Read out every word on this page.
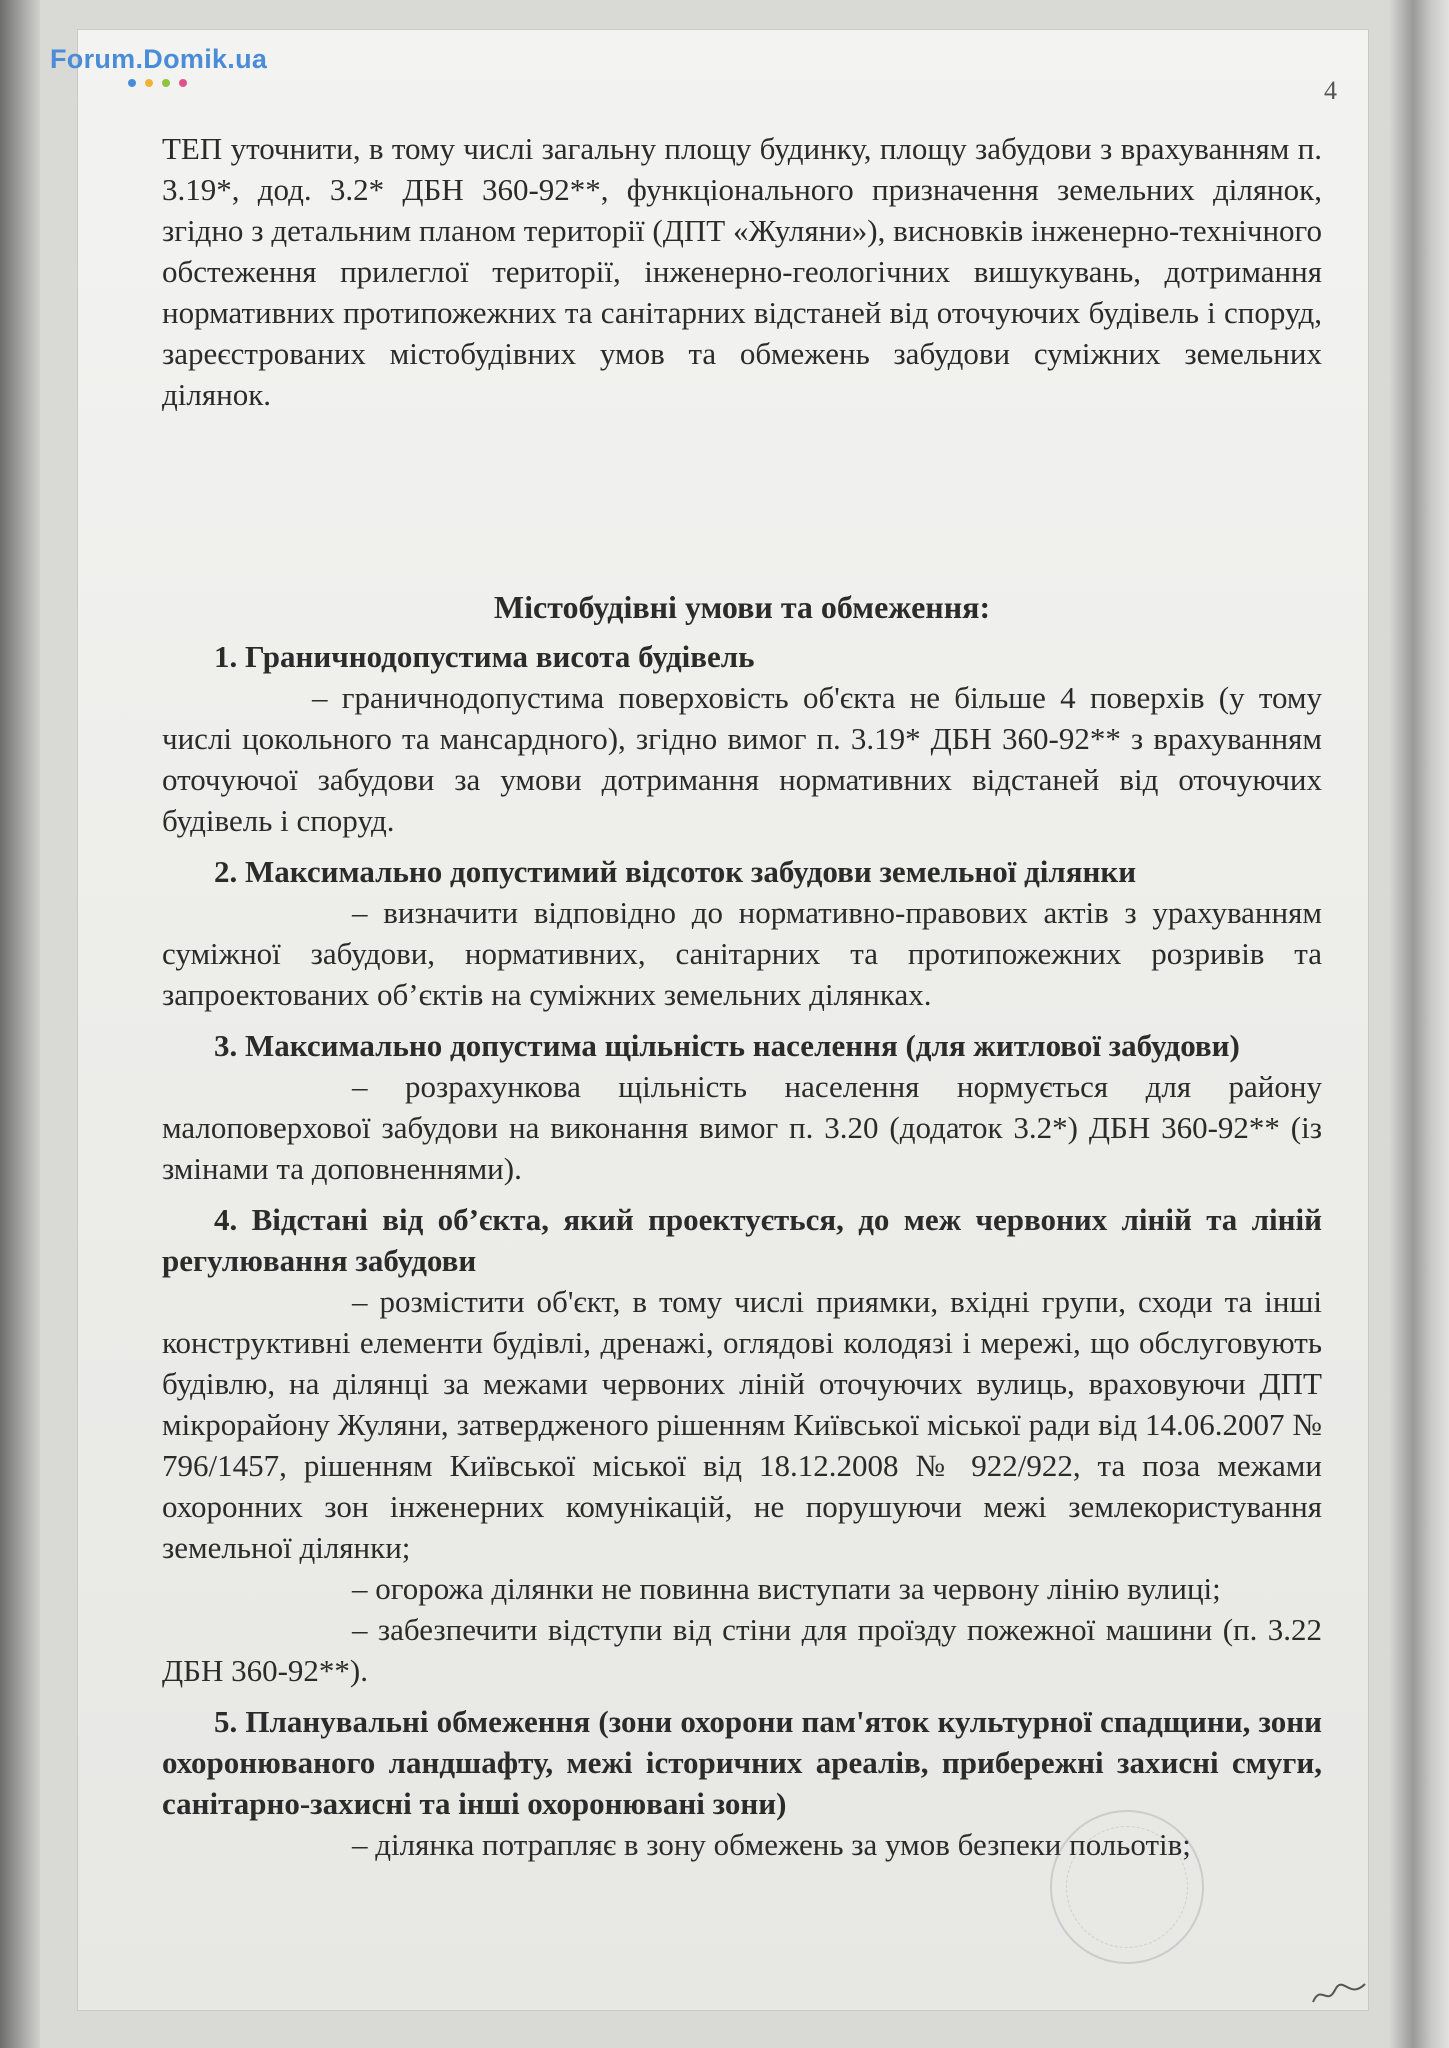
Forum.Domik.ua
4

ТЕП уточнити, в тому числі загальну площу будинку, площу забудови з врахуванням п. 3.19*, дод. 3.2* ДБН 360-92**, функціонального призначення земельних ділянок, згідно з детальним планом території (ДПТ «Жуляни»), висновків інженерно-технічного обстеження прилеглої території, інженерно-геологічних вишукувань, дотримання нормативних протипожежних та санітарних відстаней від оточуючих будівель і споруд, зареєстрованих містобудівних умов та обмежень забудови суміжних земельних ділянок.

Містобудівні умови та обмеження:

1. Граничнодопустима висота будівель

– граничнодопустима поверховість об'єкта не більше 4 поверхів (у тому числі цокольного та мансардного), згідно вимог п. 3.19* ДБН 360-92** з врахуванням оточуючої забудови за умови дотримання нормативних відстаней від оточуючих будівель і споруд.

2. Максимально допустимий відсоток забудови земельної ділянки

– визначити відповідно до нормативно-правових актів з урахуванням суміжної забудови, нормативних, санітарних та протипожежних розривів та запроектованих об’єктів на суміжних земельних ділянках.

3. Максимально допустима щільність населення (для житлової забудови)

– розрахункова щільність населення нормується для району малоповерхової забудови на виконання вимог п. 3.20 (додаток 3.2*) ДБН 360-92** (із змінами та доповненнями).

4. Відстані від об’єкта, який проектується, до меж червоних ліній та ліній регулювання забудови

– розмістити об'єкт, в тому числі приямки, вхідні групи, сходи та інші конструктивні елементи будівлі, дренажі, оглядові колодязі і мережі, що обслуговують будівлю, на ділянці за межами червоних ліній оточуючих вулиць, враховуючи ДПТ мікрорайону Жуляни, затвердженого рішенням Київської міської ради від 14.06.2007 № 796/1457, рішенням Київської міської від 18.12.2008 № 922/922, та поза межами охоронних зон інженерних комунікацій, не порушуючи межі землекористування земельної ділянки;

– огорожа ділянки не повинна виступати за червону лінію вулиці;

– забезпечити відступи від стіни для проїзду пожежної машини (п. 3.22 ДБН 360-92**).

5. Планувальні обмеження (зони охорони пам'яток культурної спадщини, зони охоронюваного ландшафту, межі історичних ареалів, прибережні захисні смуги, санітарно-захисні та інші охоронювані зони)

– ділянка потрапляє в зону обмежень за умов безпеки польотів;
